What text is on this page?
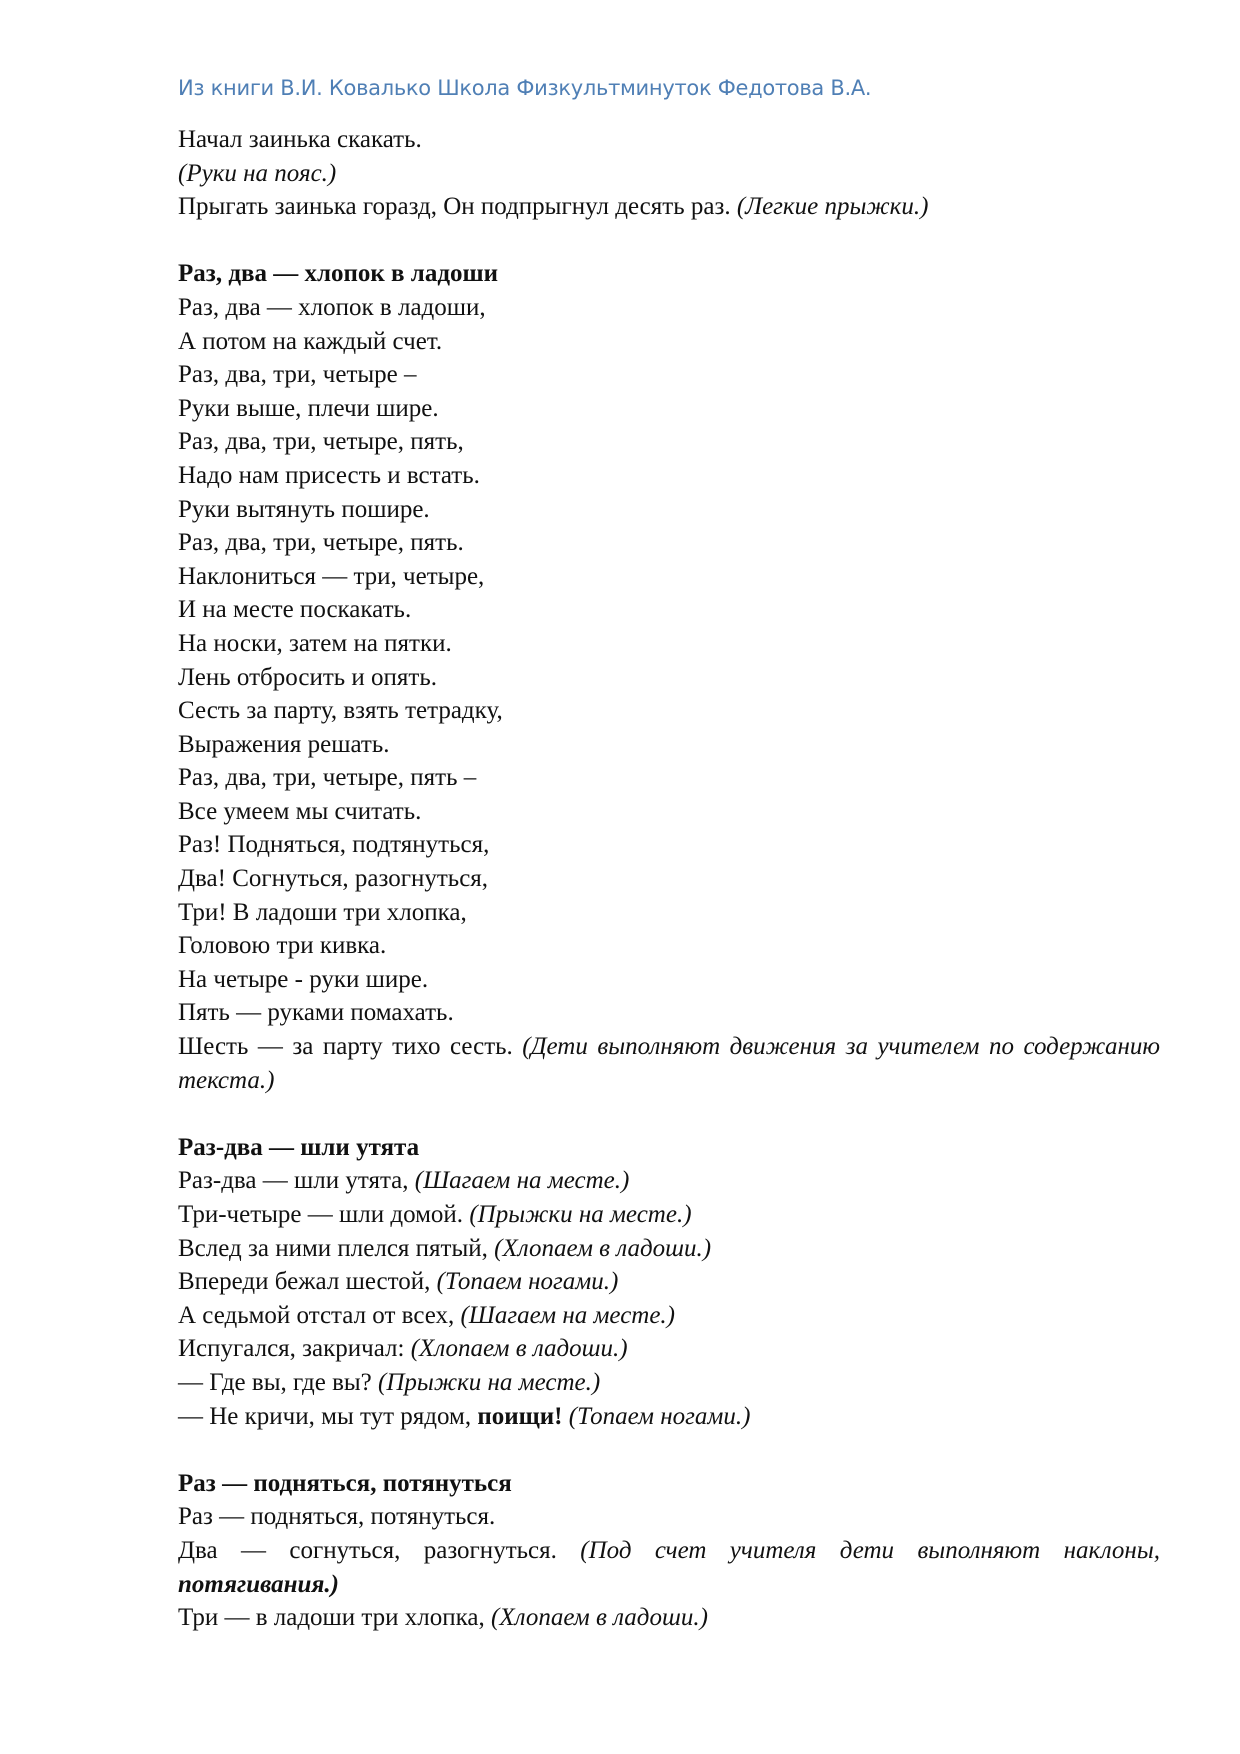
Из книги В.И. Ковалько Школа Физкультминуток Федотова В.А.

Начал заинька скакать.

(Руки на пояс.)

Прыгать заинька горазд, Он подпрыгнул десять раз. (Легкие прыжки.)

Раз, два — хлопок в ладоши

Раз, два — хлопок в ладоши,

А потом на каждый счет.

Раз, два, три, четыре –

Руки выше, плечи шире.

Раз, два, три, четыре, пять,

Надо нам присесть и встать.

Руки вытянуть пошире.

Раз, два, три, четыре, пять.

Наклониться — три, четыре,

И на месте поскакать.

На носки, затем на пятки.

Лень отбросить и опять.

Сесть за парту, взять тетрадку,

Выражения решать.

Раз, два, три, четыре, пять –

Все умеем мы считать.

Раз! Подняться, подтянуться,

Два! Согнуться, разогнуться,

Три! В ладоши три хлопка,

Головою три кивка.

На четыре - руки шире.

Пять — руками помахать.

Шесть — за парту тихо сесть. (Дети выполняют движения за учителем по содержанию текста.)

Раз-два — шли утята

Раз-два — шли утята, (Шагаем на месте.)

Три-четыре — шли домой. (Прыжки на месте.)

Вслед за ними плелся пятый, (Хлопаем в ладоши.)

Впереди бежал шестой, (Топаем ногами.)

А седьмой отстал от всех, (Шагаем на месте.)

Испугался, закричал: (Хлопаем в ладоши.)

— Где вы, где вы? (Прыжки на месте.)

— Не кричи, мы тут рядом, поищи! (Топаем ногами.)

Раз — подняться, потянуться

Раз — подняться, потянуться.

Два — согнуться, разогнуться. (Под счет учителя дети выполняют наклоны, потягивания.)

Три — в ладоши три хлопка, (Хлопаем в ладоши.)
